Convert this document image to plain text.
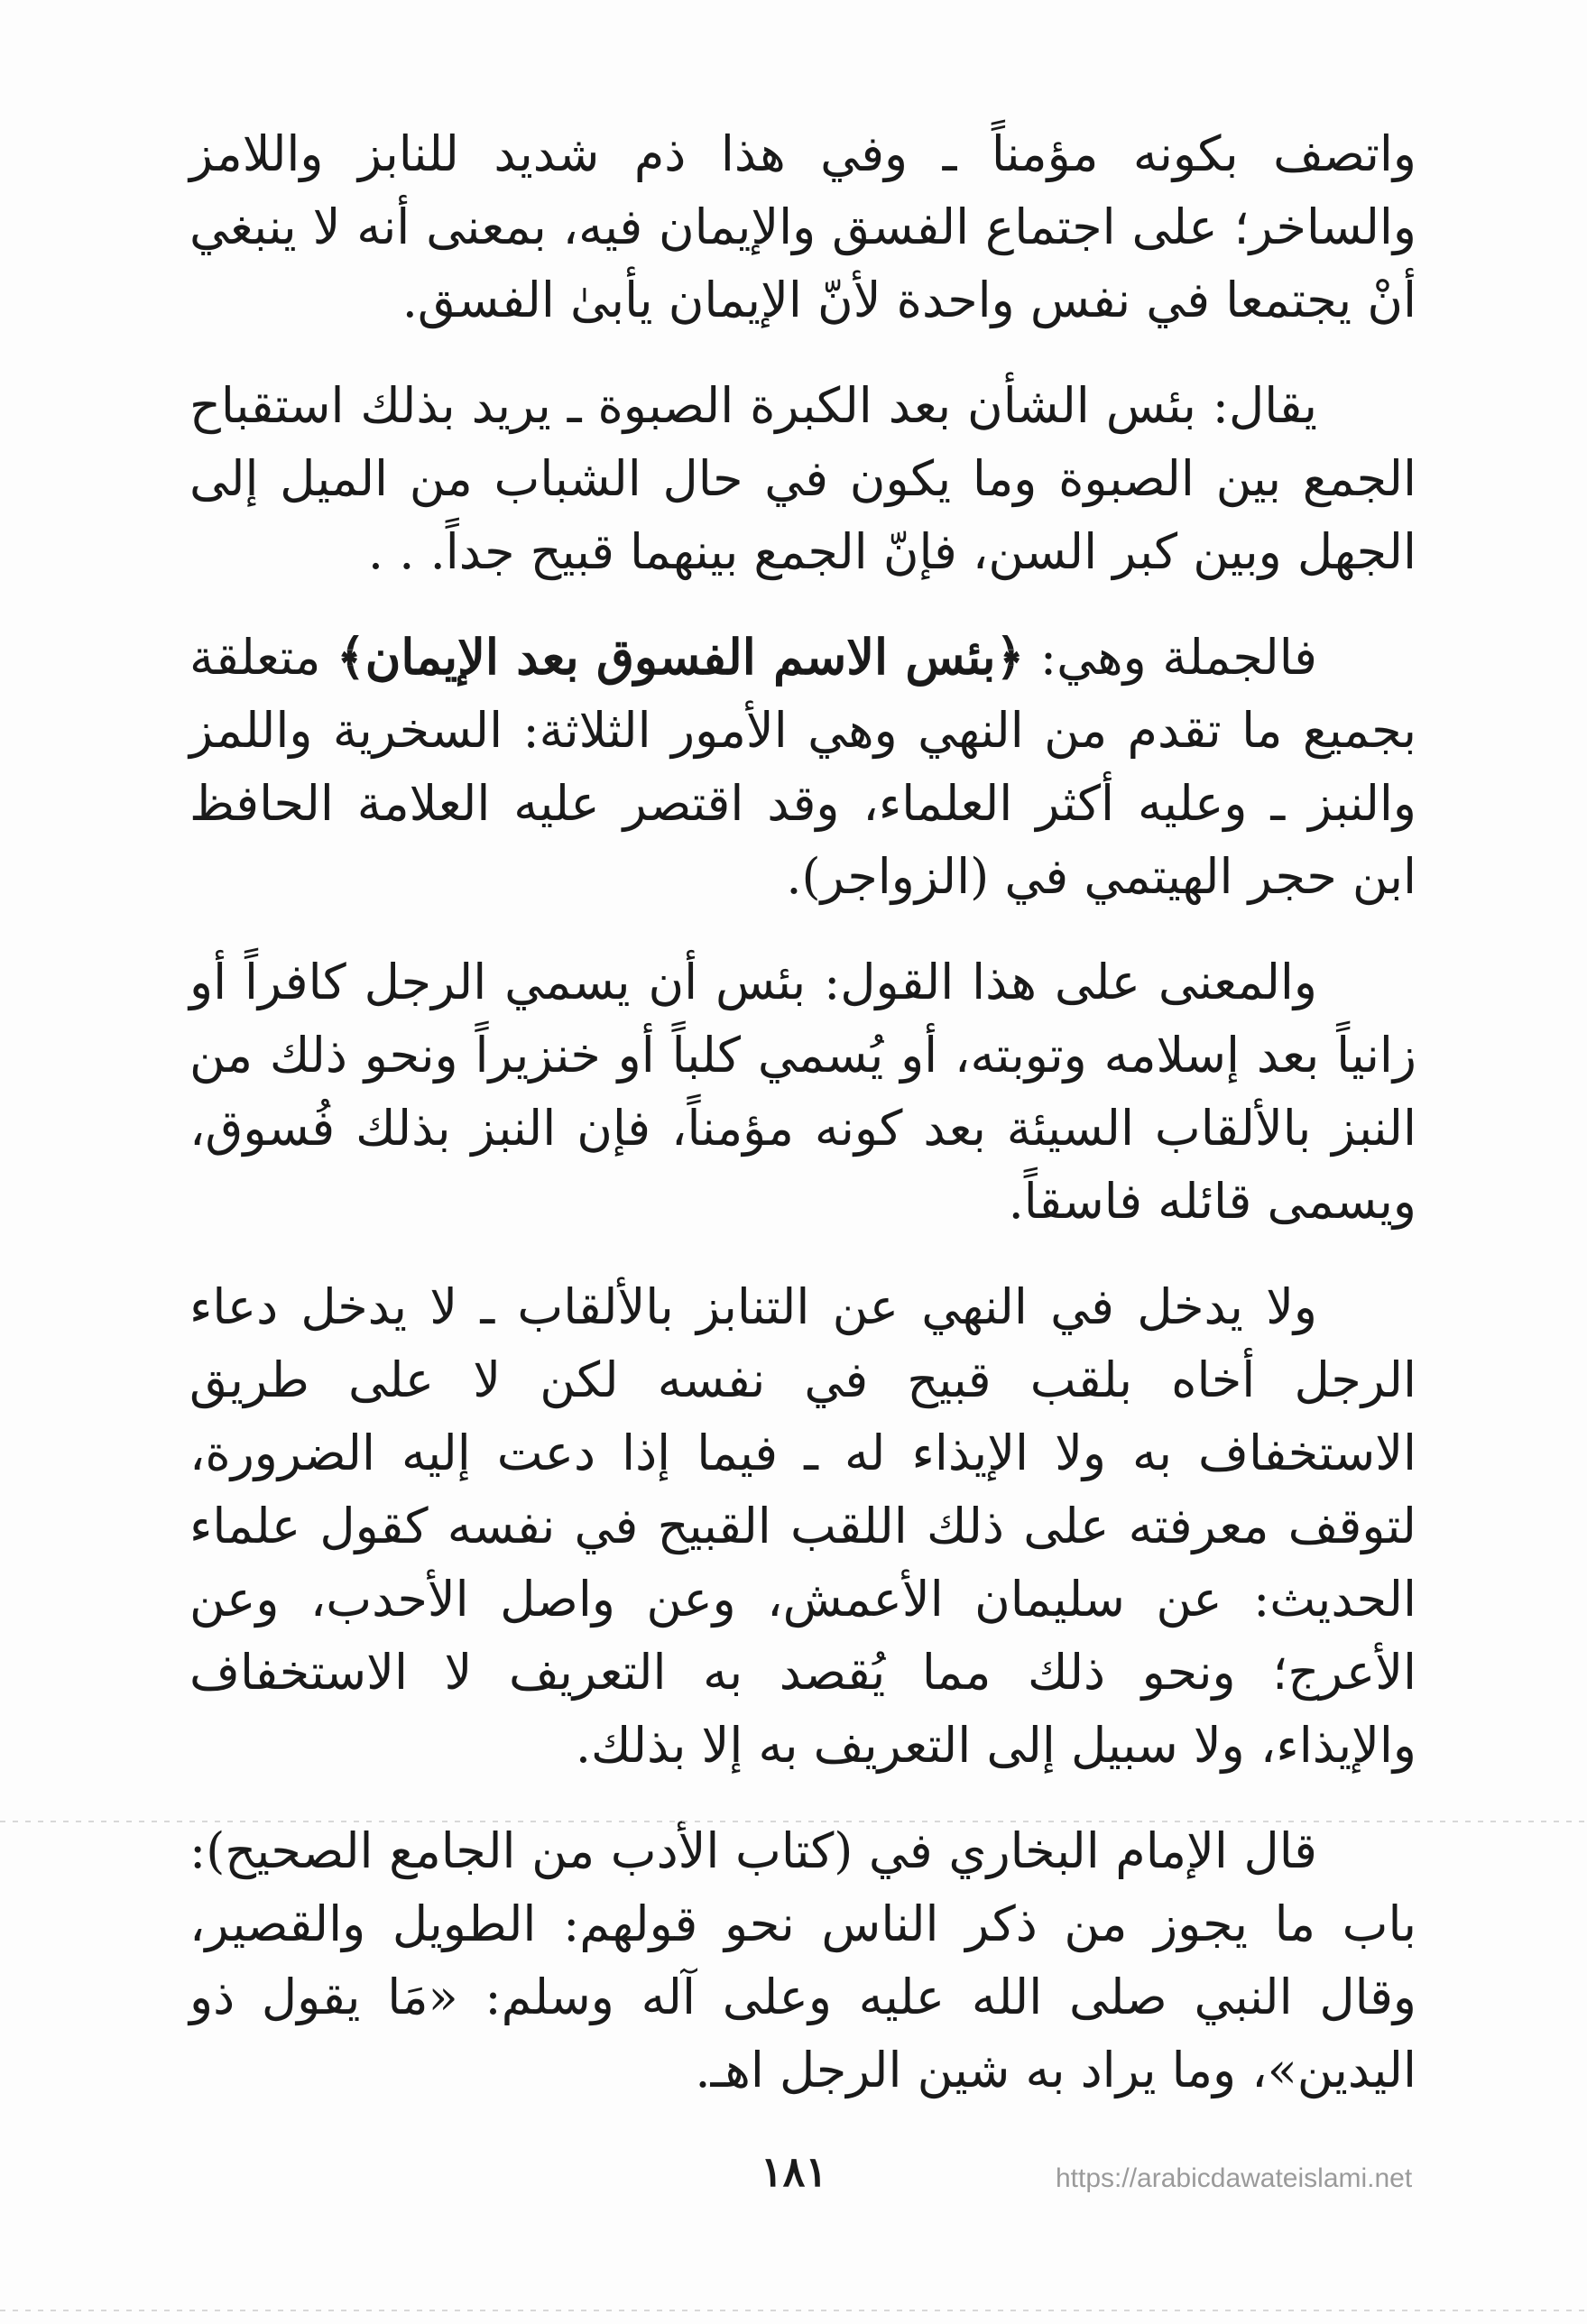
واتصف بكونه مؤمناً ـ وفي هذا ذم شديد للنابز واللامز والساخر؛ على اجتماع الفسق والإيمان فيه، بمعنى أنه لا ينبغي أنْ يجتمعا في نفس واحدة لأنّ الإيمان يأبىٰ الفسق.

يقال: بئس الشأن بعد الكبرة الصبوة ـ يريد بذلك استقباح الجمع بين الصبوة وما يكون في حال الشباب من الميل إلى الجهل وبين كبر السن، فإنّ الجمع بينهما قبيح جداً. . .

فالجملة وهي: ﴿بئس الاسم الفسوق بعد الإيمان﴾ متعلقة بجميع ما تقدم من النهي وهي الأمور الثلاثة: السخرية واللمز والنبز ـ وعليه أكثر العلماء، وقد اقتصر عليه العلامة الحافظ ابن حجر الهيتمي في (الزواجر).

والمعنى على هذا القول: بئس أن يسمي الرجل كافراً أو زانياً بعد إسلامه وتوبته، أو يُسمي كلباً أو خنزيراً ونحو ذلك من النبز بالألقاب السيئة بعد كونه مؤمناً، فإن النبز بذلك فُسوق، ويسمى قائله فاسقاً.

ولا يدخل في النهي عن التنابز بالألقاب ـ لا يدخل دعاء الرجل أخاه بلقب قبيح في نفسه لكن لا على طريق الاستخفاف به ولا الإيذاء له ـ فيما إذا دعت إليه الضرورة، لتوقف معرفته على ذلك اللقب القبيح في نفسه كقول علماء الحديث: عن سليمان الأعمش، وعن واصل الأحدب، وعن الأعرج؛ ونحو ذلك مما يُقصد به التعريف لا الاستخفاف والإيذاء، ولا سبيل إلى التعريف به إلا بذلك.

قال الإمام البخاري في (كتاب الأدب من الجامع الصحيح): باب ما يجوز من ذكر الناس نحو قولهم: الطويل والقصير، وقال النبي صلى الله عليه وعلى آله وسلم: «مَا يقول ذو اليدين»، وما يراد به شين الرجل اهـ.

١٨١	https://arabicdawateislami.net
